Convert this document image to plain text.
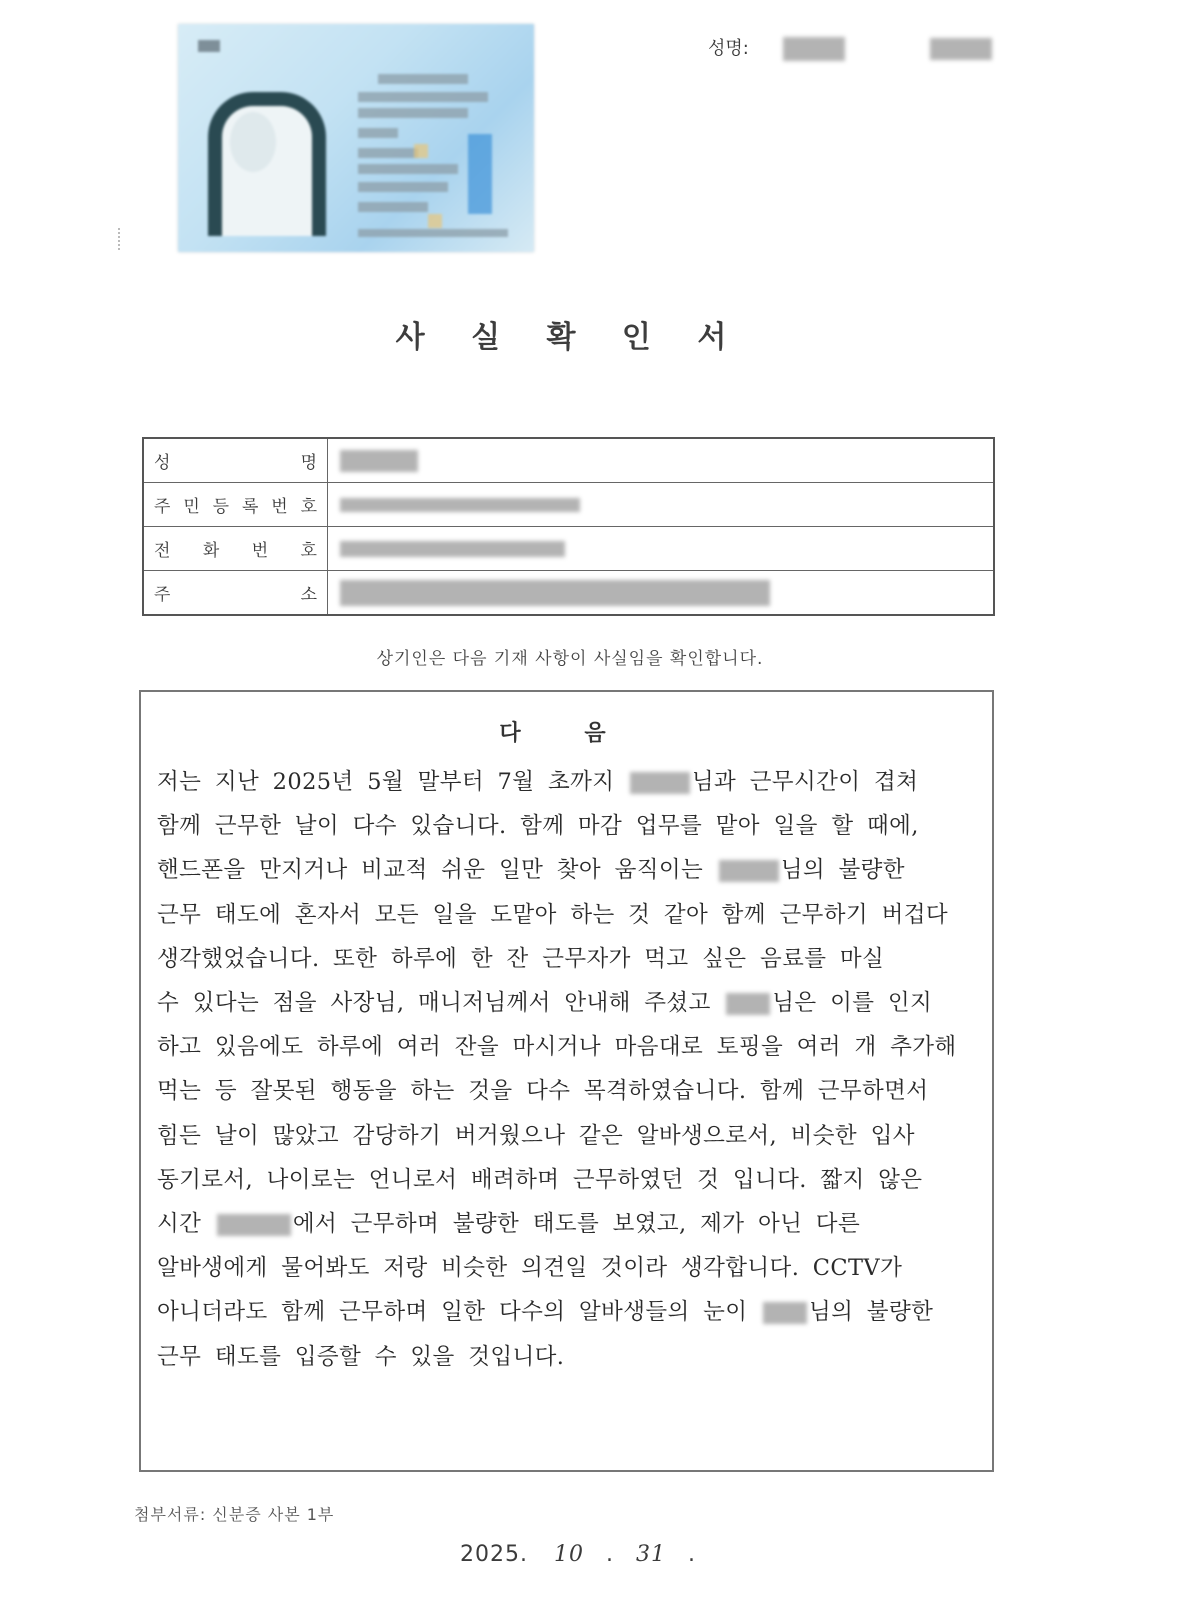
성명:
사 실 확 인 서
성 명	

주 민 등 록 번 호

전 화 번 호	

주 소	

상기인은 다음 기재 사항이 사실임을 확인합니다.
다 음
저는 지난 2025년 5월 말부터 7월 초까지	님과 근무시간이 겹쳐
함께 근무한 날이 다수 있습니다. 함께 마감 업무를 맡아 일을 할 때에,
핸드폰을 만지거나 비교적 쉬운 일만 찾아 움직이는	님의 불량한
근무 태도에 혼자서 모든 일을 도맡아 하는 것 같아 함께 근무하기 버겁다
생각했었습니다. 또한 하루에 한 잔 근무자가 먹고 싶은 음료를 마실
수 있다는 점을 사장님, 매니저님께서 안내해 주셨고 님은 이를 인지
하고 있음에도 하루에 여러 잔을 마시거나 마음대로 토핑을 여러 개 추가해
먹는 등 잘못된 행동을 하는 것을 다수 목격하였습니다. 함께 근무하면서
힘든 날이 많았고 감당하기 버거웠으나 같은 알바생으로서, 비슷한 입사
동기로서, 나이로는 언니로서 배려하며 근무하였던 것 입니다. 짧지 않은
시간	에서 근무하며 불량한 태도를 보였고, 제가 아닌 다른
알바생에게 물어봐도 저랑 비슷한 의견일 것이라 생각합니다. CCTV가
아니더라도 함께 근무하며 일한 다수의 알바생들의 눈이 님의 불량한
근무 태도를 입증할 수 있을 것입니다.
첨부서류: 신분증 사본 1부
2025. 10 . 31 .
